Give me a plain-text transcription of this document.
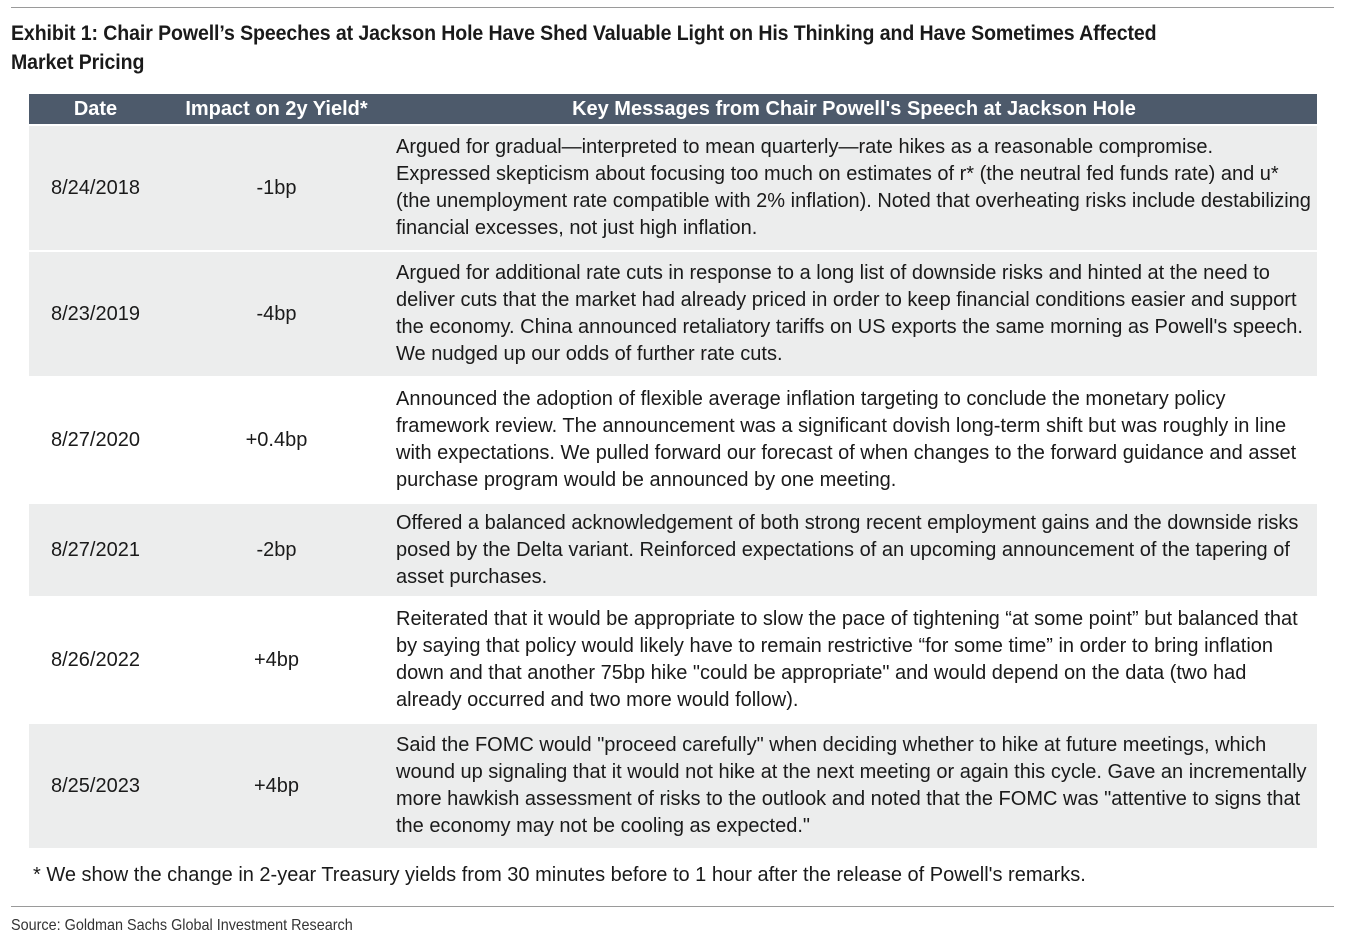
Exhibit 1: Chair Powell’s Speeches at Jackson Hole Have Shed Valuable Light on His Thinking and Have Sometimes Affected Market Pricing
Date	Impact on 2y Yield*	Key Messages from Chair Powell's Speech at Jackson Hole

8/24/2018	-1bp	Argued for gradual—interpreted to mean quarterly—rate hikes as a reasonable compromise. Expressed skepticism about focusing too much on estimates of r* (the neutral fed funds rate) and u* (the unemployment rate compatible with 2% inflation). Noted that overheating risks include destabilizing financial excesses, not just high inflation.

8/23/2019	-4bp	Argued for additional rate cuts in response to a long list of downside risks and hinted at the need to deliver cuts that the market had already priced in order to keep financial conditions easier and support the economy. China announced retaliatory tariffs on US exports the same morning as Powell's speech. We nudged up our odds of further rate cuts.

8/27/2020	+0.4bp	Announced the adoption of flexible average inflation targeting to conclude the monetary policy framework review. The announcement was a significant dovish long-term shift but was roughly in line with expectations. We pulled forward our forecast of when changes to the forward guidance and asset purchase program would be announced by one meeting.

8/27/2021	-2bp	Offered a balanced acknowledgement of both strong recent employment gains and the downside risks posed by the Delta variant. Reinforced expectations of an upcoming announcement of the tapering of asset purchases.

8/26/2022	+4bp	Reiterated that it would be appropriate to slow the pace of tightening “at some point” but balanced that by saying that policy would likely have to remain restrictive “for some time” in order to bring inflation down and that another 75bp hike "could be appropriate" and would depend on the data (two had already occurred and two more would follow).

8/25/2023	+4bp	Said the FOMC would "proceed carefully" when deciding whether to hike at future meetings, which wound up signaling that it would not hike at the next meeting or again this cycle. Gave an incrementally more hawkish assessment of risks to the outlook and noted that the FOMC was "attentive to signs that the economy may not be cooling as expected."
* We show the change in 2-year Treasury yields from 30 minutes before to 1 hour after the release of Powell's remarks.
Source: Goldman Sachs Global Investment Research
